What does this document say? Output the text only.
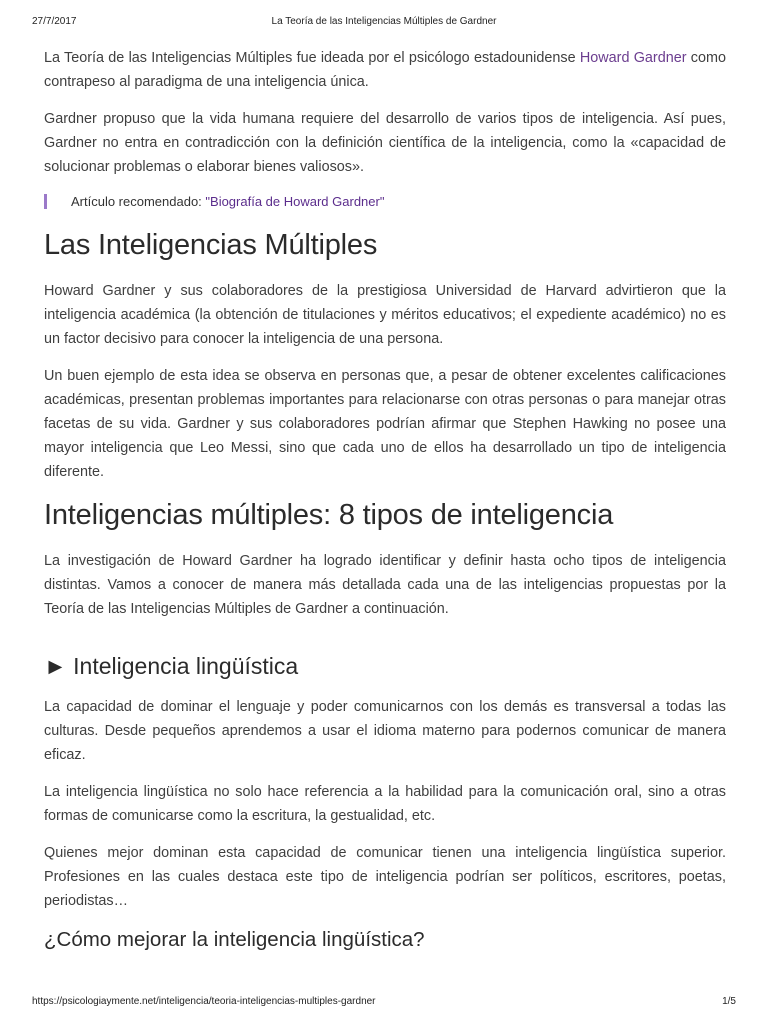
La Teoría de las Inteligencias Múltiples de Gardner
27/7/2017

La Teoría de las Inteligencias Múltiples fue ideada por el psicólogo estadounidense Howard Gardner como contrapeso al paradigma de una inteligencia única.

Gardner propuso que la vida humana requiere del desarrollo de varios tipos de inteligencia. Así pues, Gardner no entra en contradicción con la definición científica de la inteligencia, como la «capacidad de solucionar problemas o elaborar bienes valiosos».

Artículo recomendado: "Biografía de Howard Gardner"
Las Inteligencias Múltiples

Howard Gardner y sus colaboradores de la prestigiosa Universidad de Harvard advirtieron que la inteligencia académica (la obtención de titulaciones y méritos educativos; el expediente académico) no es un factor decisivo para conocer la inteligencia de una persona.

Un buen ejemplo de esta idea se observa en personas que, a pesar de obtener excelentes calificaciones académicas, presentan problemas importantes para relacionarse con otras personas o para manejar otras facetas de su vida. Gardner y sus colaboradores podrían afirmar que Stephen Hawking no posee una mayor inteligencia que Leo Messi, sino que cada uno de ellos ha desarrollado un tipo de inteligencia diferente.

Inteligencias múltiples: 8 tipos de inteligencia

La investigación de Howard Gardner ha logrado identificar y definir hasta ocho tipos de inteligencia distintas. Vamos a conocer de manera más detallada cada una de las inteligencias propuestas por la Teoría de las Inteligencias Múltiples de Gardner a continuación.

► Inteligencia lingüística

La capacidad de dominar el lenguaje y poder comunicarnos con los demás es transversal a todas las culturas. Desde pequeños aprendemos a usar el idioma materno para podernos comunicar de manera eficaz.

La inteligencia lingüística no solo hace referencia a la habilidad para la comunicación oral, sino a otras formas de comunicarse como la escritura, la gestualidad, etc.

Quienes mejor dominan esta capacidad de comunicar tienen una inteligencia lingüística superior. Profesiones en las cuales destaca este tipo de inteligencia podrían ser políticos, escritores, poetas, periodistas…

¿Cómo mejorar la inteligencia lingüística?
https://psicologiaymente.net/inteligencia/teoria-inteligencias-multiples-gardner	1/5
